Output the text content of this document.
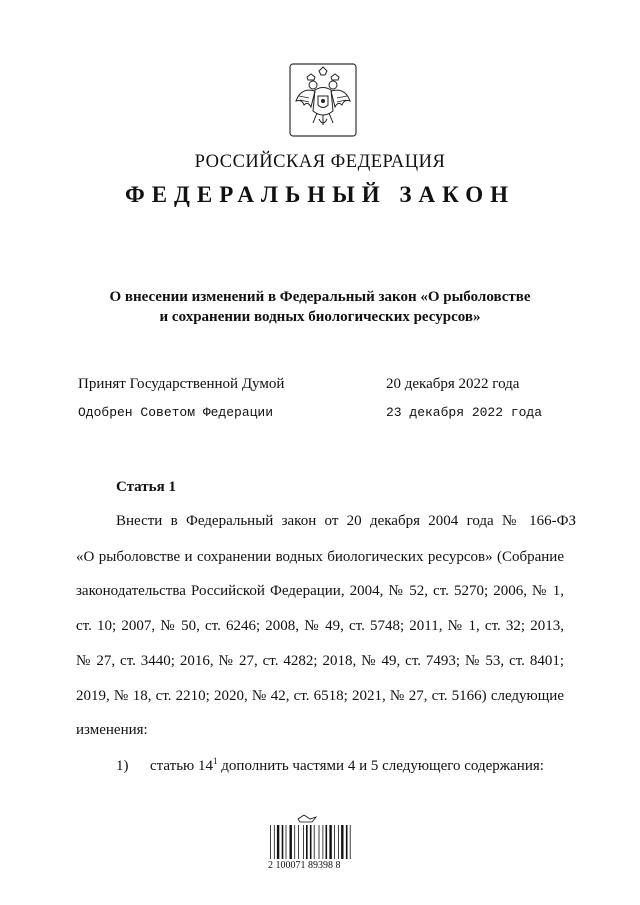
РОССИЙСКАЯ ФЕДЕРАЦИЯ
ФЕДЕРАЛЬНЫЙ ЗАКОН
О внесении изменений в Федеральный закон «О рыболовстве
и сохранении водных биологических ресурсов»
Принят Государственной Думой	20 декабря 2022 года
Одобрен Советом Федерации	23 декабря 2022 года
Статья 1
Внести в Федеральный закон от 20 декабря 2004 года № 166-ФЗ
«О рыболовстве и сохранении водных биологических ресурсов» (Собрание
законодательства Российской Федерации, 2004, № 52, ст. 5270; 2006, № 1,
ст. 10; 2007, № 50, ст. 6246; 2008, № 49, ст. 5748; 2011, № 1, ст. 32; 2013,
№ 27, ст. 3440; 2016, № 27, ст. 4282; 2018, № 49, ст. 7493; № 53, ст. 8401;
2019, № 18, ст. 2210; 2020, № 42, ст. 6518; 2021, № 27, ст. 5166) следующие
изменения:
1) статью $14^1$ дополнить частями 4 и 5 следующего содержания:
2 100071 89398 8
